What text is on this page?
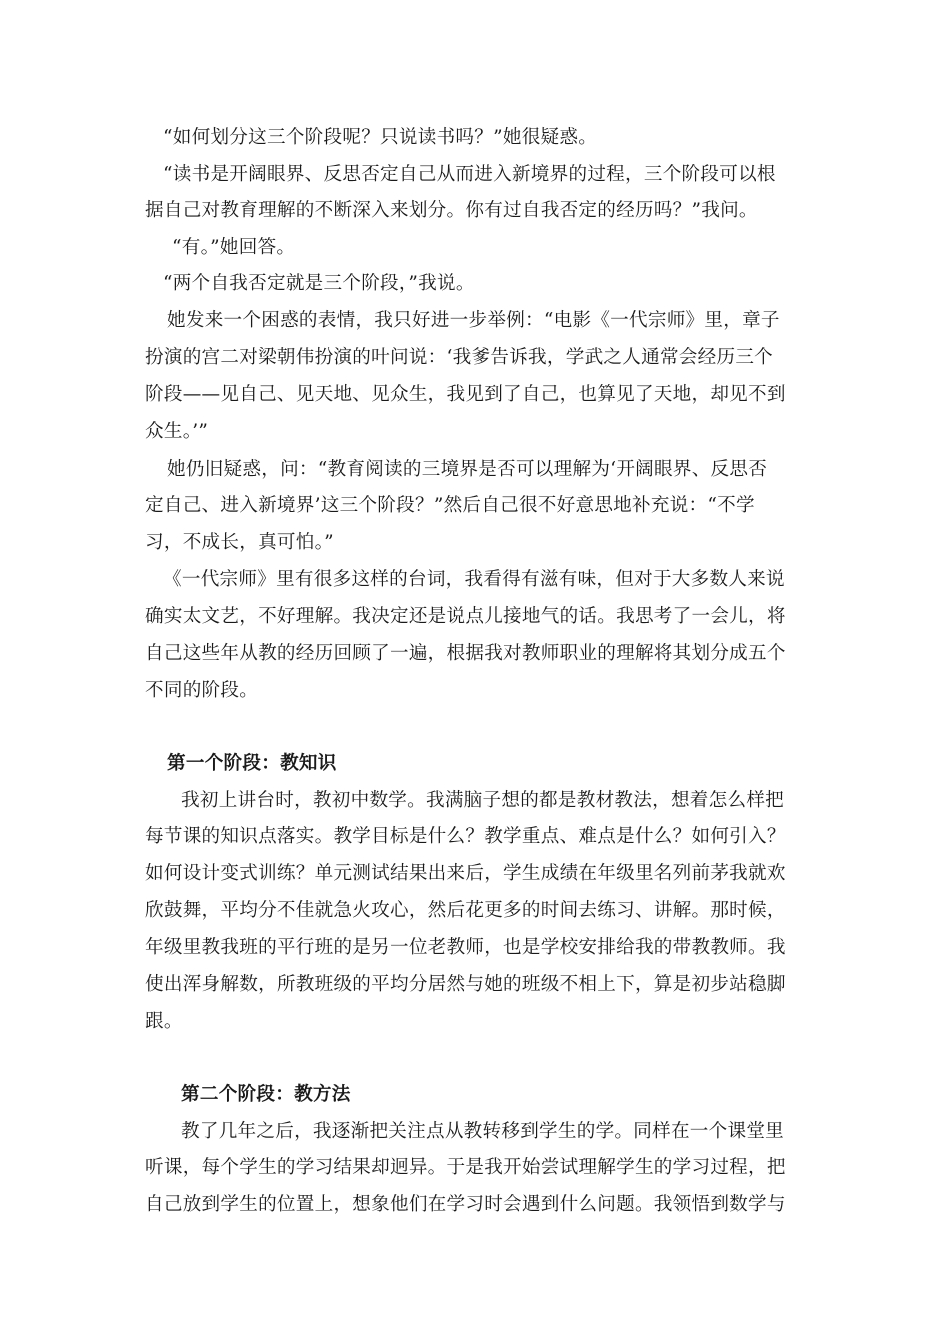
“如何划分这三个阶段呢？只说读书吗？”她很疑惑。
“读书是开阔眼界、反思否定自己从而进入新境界的过程，三个阶段可以根
据自己对教育理解的不断深入来划分。你有过自我否定的经历吗？”我问。
“有。”她回答。
“两个自我否定就是三个阶段，”我说。
她发来一个困惑的表情，我只好进一步举例：“电影《一代宗师》里，章子
扮演的宫二对梁朝伟扮演的叶问说：‘我爹告诉我，学武之人通常会经历三个
阶段——见自己、见天地、见众生，我见到了自己，也算见了天地，却见不到
众生。’”
她仍旧疑惑，问：“教育阅读的三境界是否可以理解为‘开阔眼界、反思否
定自己、进入新境界’这三个阶段？”然后自己很不好意思地补充说：“不学
习，不成长，真可怕。”
《一代宗师》里有很多这样的台词，我看得有滋有味，但对于大多数人来说
确实太文艺，不好理解。我决定还是说点儿接地气的话。我思考了一会儿，将
自己这些年从教的经历回顾了一遍，根据我对教师职业的理解将其划分成五个
不同的阶段。
第一个阶段：教知识
我初上讲台时，教初中数学。我满脑子想的都是教材教法，想着怎么样把
每节课的知识点落实。教学目标是什么？教学重点、难点是什么？如何引入？
如何设计变式训练？单元测试结果出来后，学生成绩在年级里名列前茅我就欢
欣鼓舞，平均分不佳就急火攻心，然后花更多的时间去练习、讲解。那时候，
年级里教我班的平行班的是另一位老教师，也是学校安排给我的带教教师。我
使出浑身解数，所教班级的平均分居然与她的班级不相上下，算是初步站稳脚
跟。
第二个阶段：教方法
教了几年之后，我逐渐把关注点从教转移到学生的学。同样在一个课堂里
听课，每个学生的学习结果却迥异。于是我开始尝试理解学生的学习过程，把
自己放到学生的位置上，想象他们在学习时会遇到什么问题。我领悟到数学与
